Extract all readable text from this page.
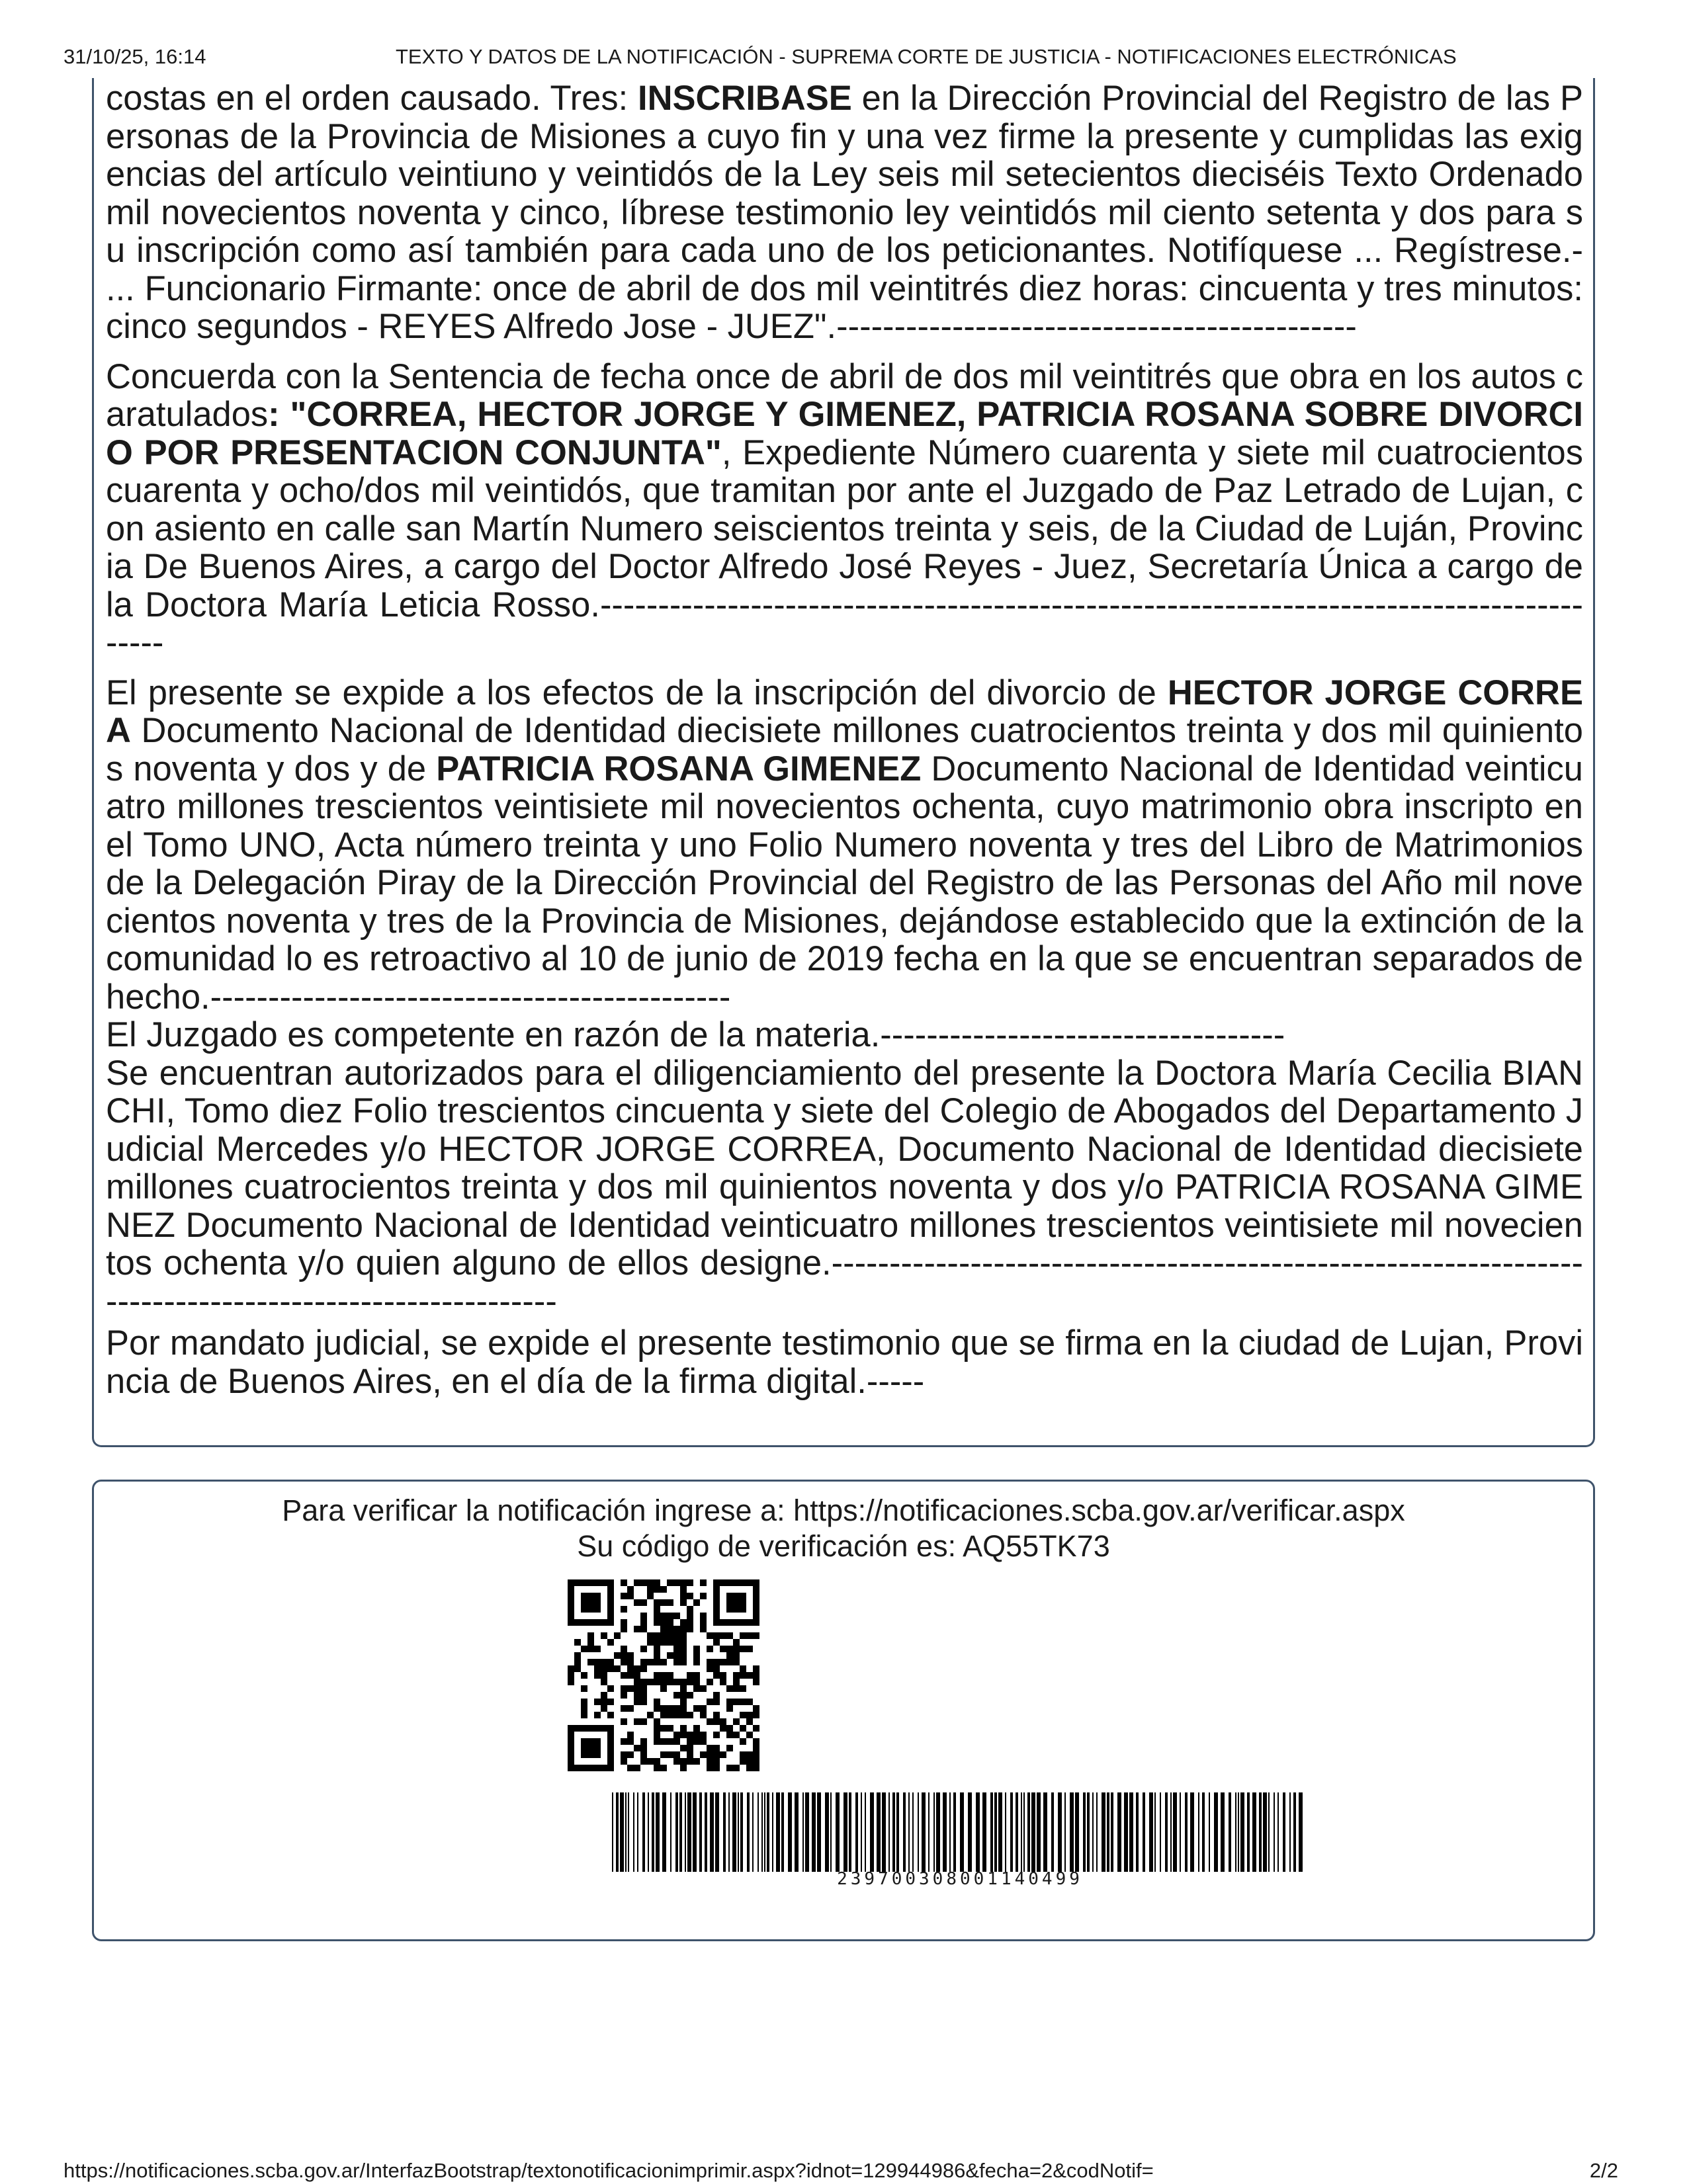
31/10/25, 16:14	TEXTO Y DATOS DE LA NOTIFICACIÓN - SUPREMA CORTE DE JUSTICIA - NOTIFICACIONES ELECTRÓNICAS

costas en el orden causado. Tres: INSCRIBASE en la Dirección Provincial del Registro de las Personas de la Provincia de Misiones a cuyo fin y una vez firme la presente y cumplidas las exigencias del artículo veintiuno y veintidós de la Ley seis mil setecientos dieciséis Texto Ordenado mil novecientos noventa y cinco, líbrese testimonio ley veintidós mil ciento setenta y dos para su inscripción como así también para cada uno de los peticionantes. Notifíquese ... Regístrese.- ... Funcionario Firmante: once de abril de dos mil veintitrés diez horas: cincuenta y tres minutos: cinco segundos - REYES Alfredo Jose - JUEZ".---------------------------------------------

Concuerda con la Sentencia de fecha once de abril de dos mil veintitrés que obra en los autos caratulados: "CORREA, HECTOR JORGE Y GIMENEZ, PATRICIA ROSANA SOBRE DIVORCIO POR PRESENTACION CONJUNTA", Expediente Número cuarenta y siete mil cuatrocientos cuarenta y ocho/dos mil veintidós, que tramitan por ante el Juzgado de Paz Letrado de Lujan, con asiento en calle san Martín Numero seiscientos treinta y seis, de la Ciudad de Luján, Provincia De Buenos Aires, a cargo del Doctor Alfredo José Reyes - Juez, Secretaría Única a cargo de la Doctora María Leticia Rosso.------------------------------------------------------------------------------------------

El presente se expide a los efectos de la inscripción del divorcio de HECTOR JORGE CORREA Documento Nacional de Identidad diecisiete millones cuatrocientos treinta y dos mil quinientos noventa y dos y de PATRICIA ROSANA GIMENEZ Documento Nacional de Identidad veinticuatro millones trescientos veintisiete mil novecientos ochenta, cuyo matrimonio obra inscripto en el Tomo UNO, Acta número treinta y uno Folio Numero noventa y tres del Libro de Matrimonios de la Delegación Piray de la Dirección Provincial del Registro de las Personas del Año mil novecientos noventa y tres de la Provincia de Misiones, dejándose establecido que la extinción de la comunidad lo es retroactivo al 10 de junio de 2019 fecha en la que se encuentran separados de hecho.---------------------------------------------

El Juzgado es competente en razón de la materia.-----------------------------------

Se encuentran autorizados para el diligenciamiento del presente la Doctora María Cecilia BIANCHI, Tomo diez Folio trescientos cincuenta y siete del Colegio de Abogados del Departamento Judicial Mercedes y/o HECTOR JORGE CORREA, Documento Nacional de Identidad diecisiete millones cuatrocientos treinta y dos mil quinientos noventa y dos y/o PATRICIA ROSANA GIMENEZ Documento Nacional de Identidad veinticuatro millones trescientos veintisiete mil novecientos ochenta y/o quien alguno de ellos designe.--------------------------------------------------------------------------------------------------------

Por mandato judicial, se expide el presente testimonio que se firma en la ciudad de Lujan, Provincia de Buenos Aires, en el día de la firma digital.-----

Para verificar la notificación ingrese a: https://notificaciones.scba.gov.ar/verificar.aspx
Su código de verificación es: AQ55TK73
239700308001140499
https://notificaciones.scba.gov.ar/InterfazBootstrap/textonotificacionimprimir.aspx?idnot=129944986&fecha=2&codNotif=	2/2
